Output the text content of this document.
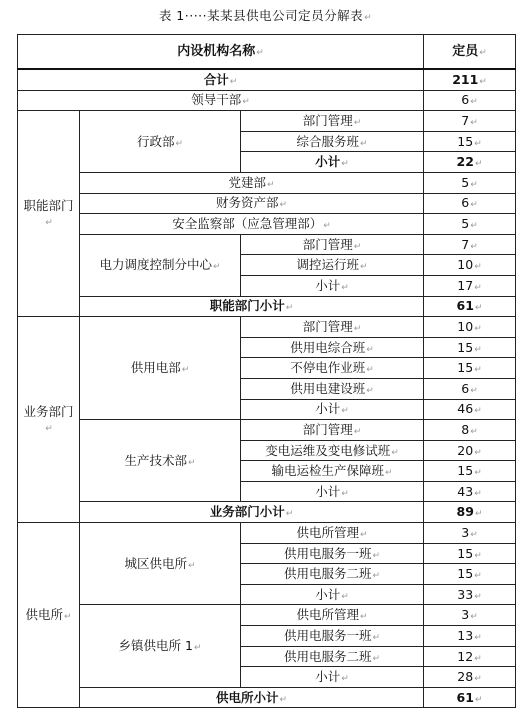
表 1·····某某县供电公司定员分解表↵
内设机构名称↵			定员↵
合计↵			211↵
领导干部↵			6↵
职能部门↵	行政部↵	部门管理↵	7↵
		综合服务班↵	15↵
		小计↵	22↵
	党建部↵		5↵
	财务资产部↵		6↵
	安全监察部（应急管理部）↵		5↵
	电力调度控制分中心↵	部门管理↵	7↵
		调控运行班↵	10↵
		小计↵	17↵
	职能部门小计↵		61↵
业务部门↵	供用电部↵	部门管理↵	10↵
		供用电综合班↵	15↵
		不停电作业班↵	15↵
		供用电建设班↵	6↵
		小计↵	46↵
	生产技术部↵	部门管理↵	8↵
		变电运维及变电修试班↵	20↵
		输电运检生产保障班↵	15↵
		小计↵	43↵
	业务部门小计↵		89↵
供电所↵	城区供电所↵	供电所管理↵	3↵
		供用电服务一班↵	15↵
		供用电服务二班↵	15↵
		小计↵	33↵
	乡镇供电所 1↵	供电所管理↵	3↵
		供用电服务一班↵	13↵
		供用电服务二班↵	12↵
		小计↵	28↵
	供电所小计↵		61↵
